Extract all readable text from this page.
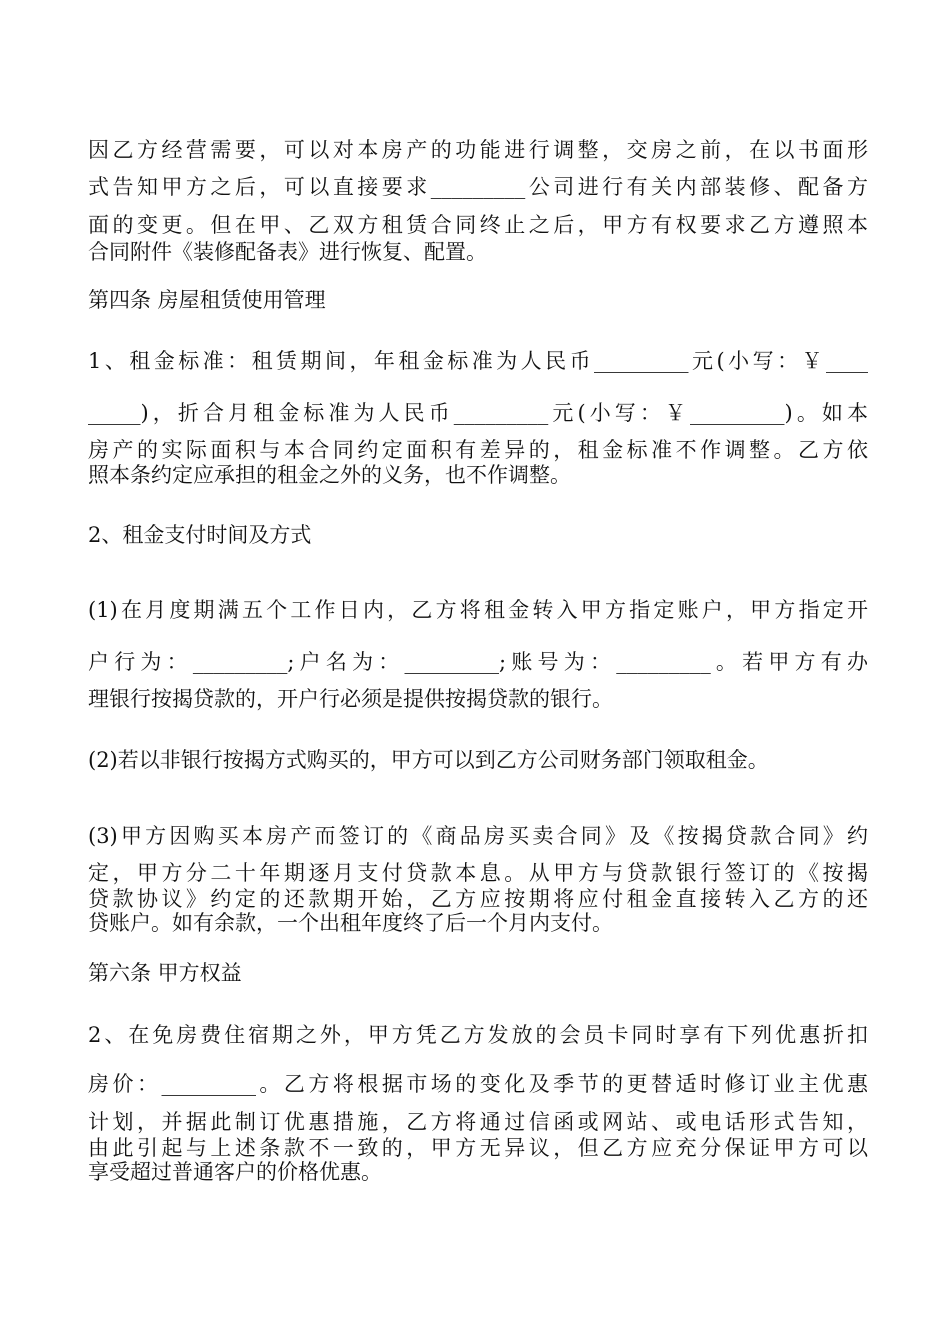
因乙方经营需要，可以对本房产的功能进行调整，交房之前，在以书面形
式告知甲方之后，可以直接要求_________公司进行有关内部装修、配备方
面的变更。但在甲、乙双方租赁合同终止之后，甲方有权要求乙方遵照本
合同附件《装修配备表》进行恢复、配置。
第四条 房屋租赁使用管理
1、租金标准：租赁期间，年租金标准为人民币_________元(小写：￥____
_____)，折合月租金标准为人民币_________元(小写：￥_________)。如本
房产的实际面积与本合同约定面积有差异的，租金标准不作调整。乙方依
照本条约定应承担的租金之外的义务，也不作调整。
2、租金支付时间及方式
(1)在月度期满五个工作日内，乙方将租金转入甲方指定账户，甲方指定开
户行为：_________;户名为：_________;账号为：_________。若甲方有办
理银行按揭贷款的，开户行必须是提供按揭贷款的银行。
(2)若以非银行按揭方式购买的，甲方可以到乙方公司财务部门领取租金。
(3)甲方因购买本房产而签订的《商品房买卖合同》及《按揭贷款合同》约
定，甲方分二十年期逐月支付贷款本息。从甲方与贷款银行签订的《按揭
贷款协议》约定的还款期开始，乙方应按期将应付租金直接转入乙方的还
贷账户。如有余款，一个出租年度终了后一个月内支付。
第六条 甲方权益
2、在免房费住宿期之外，甲方凭乙方发放的会员卡同时享有下列优惠折扣
房价：_________。乙方将根据市场的变化及季节的更替适时修订业主优惠
计划，并据此制订优惠措施，乙方将通过信函或网站、或电话形式告知，
由此引起与上述条款不一致的，甲方无异议，但乙方应充分保证甲方可以
享受超过普通客户的价格优惠。
